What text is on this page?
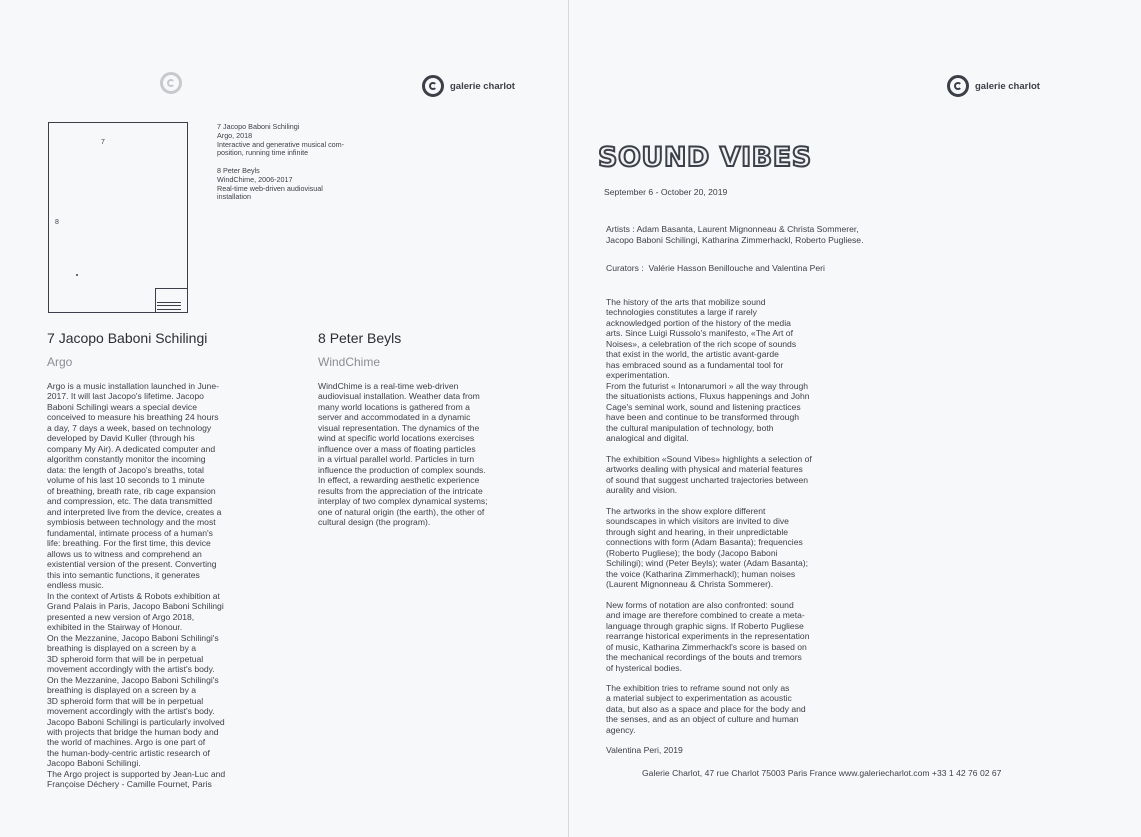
galerie charlot
7
8
7 Jacopo Baboni Schilingi
Argo, 2018
Interactive and generative musical com-
position, running time infinite
8 Peter Beyls
WindChime, 2006-2017
Real-time web-driven audiovisual
installation
7 Jacopo Baboni Schilingi
Argo
Argo is a music installation launched in June-
2017. It will last Jacopo's lifetime. Jacopo
Baboni Schilingi wears a special device
conceived to measure his breathing 24 hours
a day, 7 days a week, based on technology
developed by David Kuller (through his
company My Air). A dedicated computer and
algorithm constantly monitor the incoming
data: the length of Jacopo's breaths, total
volume of his last 10 seconds to 1 minute
of breathing, breath rate, rib cage expansion
and compression, etc. The data transmitted
and interpreted live from the device, creates a
symbiosis between technology and the most
fundamental, intimate process of a human's
life: breathing. For the first time, this device
allows us to witness and comprehend an
existential version of the present. Converting
this into semantic functions, it generates
endless music.
In the context of Artists & Robots exhibition at
Grand Palais in Paris, Jacopo Baboni Schilingi
presented a new version of Argo 2018,
exhibited in the Stairway of Honour.
On the Mezzanine, Jacopo Baboni Schilingi's
breathing is displayed on a screen by a
3D spheroid form that will be in perpetual
movement accordingly with the artist's body.
On the Mezzanine, Jacopo Baboni Schilingi's
breathing is displayed on a screen by a
3D spheroid form that will be in perpetual
movement accordingly with the artist's body.
Jacopo Baboni Schilingi is particularly involved
with projects that bridge the human body and
the world of machines. Argo is one part of
the human-body-centric artistic research of
Jacopo Baboni Schilingi.
The Argo project is supported by Jean-Luc and
Françoise Déchery - Camille Fournet, Paris
8 Peter Beyls
WindChime
WindChime is a real-time web-driven
audiovisual installation. Weather data from
many world locations is gathered from a
server and accommodated in a dynamic
visual representation. The dynamics of the
wind at specific world locations exercises
influence over a mass of floating particles
in a virtual parallel world. Particles in turn
influence the production of complex sounds.
In effect, a rewarding aesthetic experience
results from the appreciation of the intricate
interplay of two complex dynamical systems;
one of natural origin (the earth), the other of
cultural design (the program).
galerie charlot
SOUND VIBES
September 6 - October 20, 2019
Artists : Adam Basanta, Laurent Mignonneau & Christa Sommerer,
Jacopo Baboni Schilingi, Katharina Zimmerhackl, Roberto Pugliese.
Curators : Valérie Hasson Benillouche and Valentina Peri

The history of the arts that mobilize sound
technologies constitutes a large if rarely
acknowledged portion of the history of the media
arts. Since Luigi Russolo's manifesto, «The Art of
Noises», a celebration of the rich scope of sounds
that exist in the world, the artistic avant-garde
has embraced sound as a fundamental tool for
experimentation.
From the futurist « Intonarumori » all the way through
the situationists actions, Fluxus happenings and John
Cage's seminal work, sound and listening practices
have been and continue to be transformed through
the cultural manipulation of technology, both
analogical and digital.

The exhibition «Sound Vibes» highlights a selection of
artworks dealing with physical and material features
of sound that suggest uncharted trajectories between
aurality and vision.

The artworks in the show explore different
soundscapes in which visitors are invited to dive
through sight and hearing, in their unpredictable
connections with form (Adam Basanta); frequencies
(Roberto Pugliese); the body (Jacopo Baboni
Schilingi); wind (Peter Beyls); water (Adam Basanta);
the voice (Katharina Zimmerhackl); human noises
(Laurent Mignonneau & Christa Sommerer).

New forms of notation are also confronted: sound
and image are therefore combined to create a meta-
language through graphic signs. If Roberto Pugliese
rearrange historical experiments in the representation
of music, Katharina Zimmerhackl's score is based on
the mechanical recordings of the bouts and tremors
of hysterical bodies.

The exhibition tries to reframe sound not only as
a material subject to experimentation as acoustic
data, but also as a space and place for the body and
the senses, and as an object of culture and human
agency.

Valentina Peri, 2019
Galerie Charlot, 47 rue Charlot 75003 Paris France www.galeriecharlot.com +33 1 42 76 02 67
